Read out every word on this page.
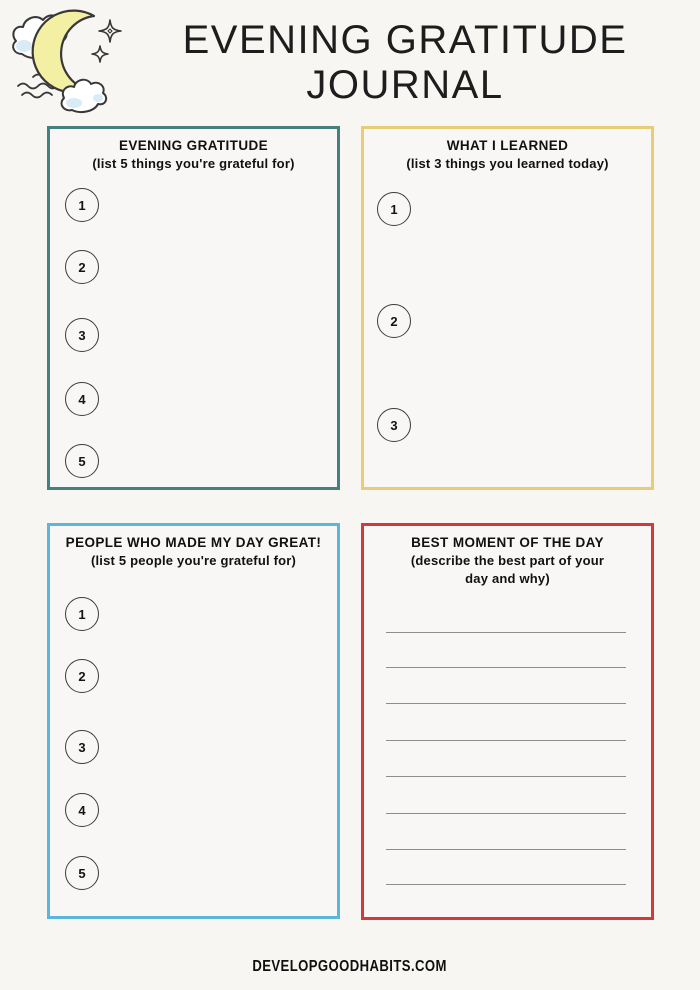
EVENING GRATITUDE
JOURNAL
EVENING GRATITUDE
(list 5 things you're grateful for)
1
2
3
4
5
WHAT I LEARNED
(list 3 things you learned today)
1
2
3
PEOPLE WHO MADE MY DAY GREAT!
(list 5 people you're grateful for)
1
2
3
4
5
BEST MOMENT OF THE DAY
(describe the best part of your day and why)
DEVELOPGOODHABITS.COM
